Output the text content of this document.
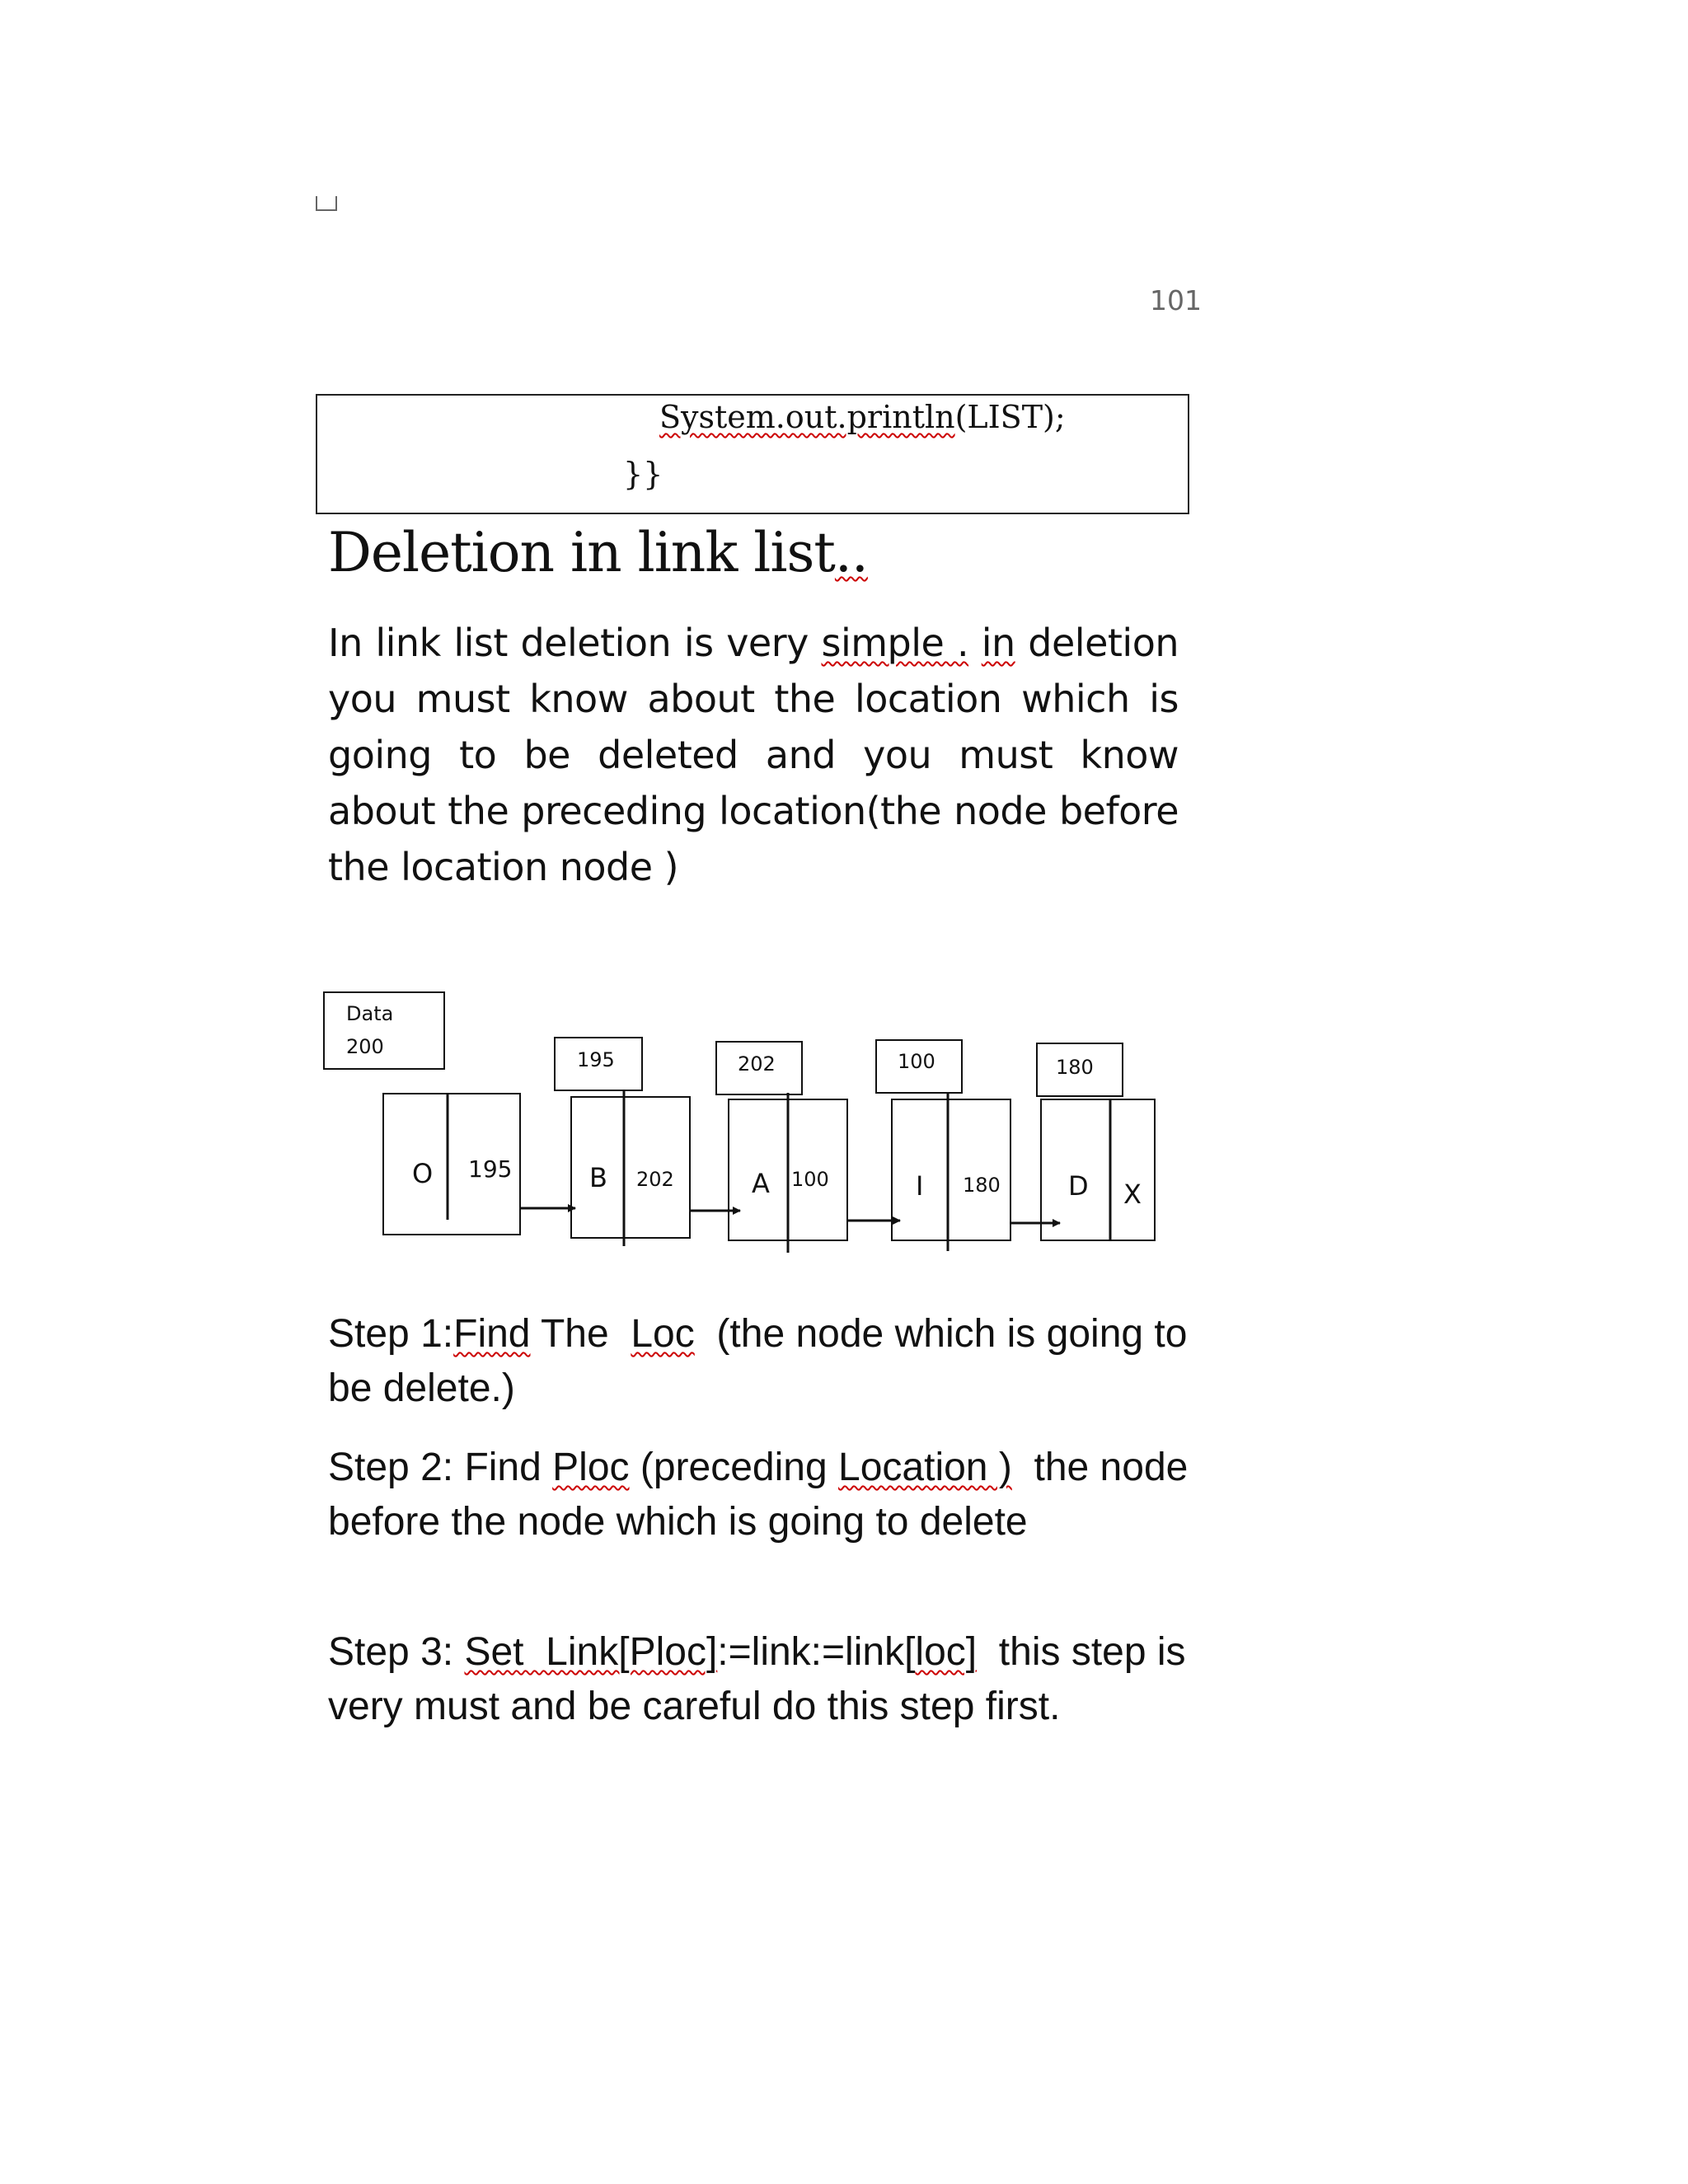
101
System.out.println(LIST);
}}
Deletion in link list..
In link list deletion is very simple . in deletion you must know about the location which is going to be deleted and you must know about the preceding location(the node before the location node )
Data
200
195	202	100	180
O 195	B 202	A 100	I 180	D X
Step 1:Find The  Loc  (the node which is going to be delete.)
Step 2: Find Ploc (preceding Location )  the node before the node which is going to delete
Step 3: Set  Link[Ploc]:=link:=link[loc]  this step is very must and be careful do this step first.
